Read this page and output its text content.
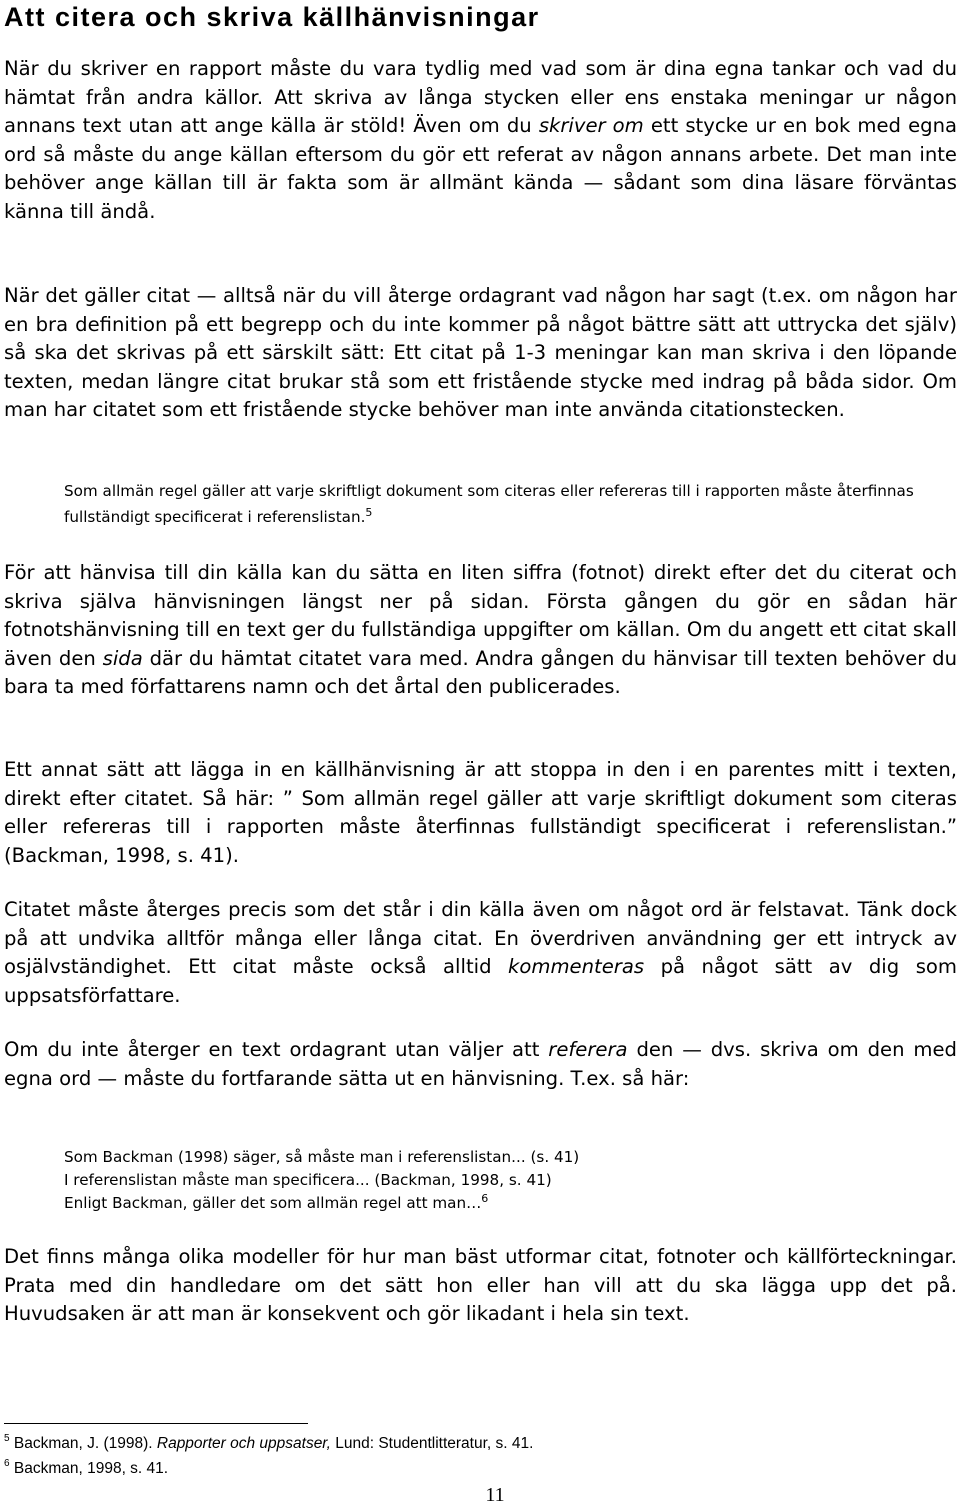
Att citera och skriva källhänvisningar

När du skriver en rapport måste du vara tydlig med vad som är dina egna tankar och vad du hämtat från andra källor. Att skriva av långa stycken eller ens enstaka meningar ur någon annans text utan att ange källa är stöld! Även om du skriver om ett stycke ur en bok med egna ord så måste du ange källan eftersom du gör ett referat av någon annans arbete. Det man inte behöver ange källan till är fakta som är allmänt kända — sådant som dina läsare förväntas känna till ändå.

När det gäller citat — alltså när du vill återge ordagrant vad någon har sagt (t.ex. om någon har en bra definition på ett begrepp och du inte kommer på något bättre sätt att uttrycka det själv) så ska det skrivas på ett särskilt sätt: Ett citat på 1-3 meningar kan man skriva i den löpande texten, medan längre citat brukar stå som ett fristående stycke med indrag på båda sidor. Om man har citatet som ett fristående stycke behöver man inte använda citationstecken.

Som allmän regel gäller att varje skriftligt dokument som citeras eller refereras till i rapporten måste återfinnas fullständigt specificerat i referenslistan.$^5$

För att hänvisa till din källa kan du sätta en liten siffra (fotnot) direkt efter det du citerat och skriva själva hänvisningen längst ner på sidan. Första gången du gör en sådan här fotnotshänvisning till en text ger du fullständiga uppgifter om källan. Om du angett ett citat skall även den sida där du hämtat citatet vara med. Andra gången du hänvisar till texten behöver du bara ta med författarens namn och det årtal den publicerades.

Ett annat sätt att lägga in en källhänvisning är att stoppa in den i en parentes mitt i texten, direkt efter citatet. Så här: ” Som allmän regel gäller att varje skriftligt dokument som citeras eller refereras till i rapporten måste återfinnas fullständigt specificerat i referenslistan.” (Backman, 1998, s. 41).

Citatet måste återges precis som det står i din källa även om något ord är felstavat. Tänk dock på att undvika alltför många eller långa citat. En överdriven användning ger ett intryck av osjälvständighet. Ett citat måste också alltid kommenteras på något sätt av dig som uppsatsförfattare.

Om du inte återger en text ordagrant utan väljer att referera den — dvs. skriva om den med egna ord — måste du fortfarande sätta ut en hänvisning. T.ex. så här:

Som Backman (1998) säger, så måste man i referenslistan... (s. 41)

I referenslistan måste man specificera... (Backman, 1998, s. 41)

Enligt Backman, gäller det som allmän regel att man…$^6$

Det finns många olika modeller för hur man bäst utformar citat, fotnoter och källförteckningar. Prata med din handledare om det sätt hon eller han vill att du ska lägga upp det på. Huvudsaken är att man är konsekvent och gör likadant i hela sin text.

$^5$ Backman, J. (1998). Rapporter och uppsatser, Lund: Studentlitteratur, s. 41.

$^6$ Backman, 1998, s. 41.

11
